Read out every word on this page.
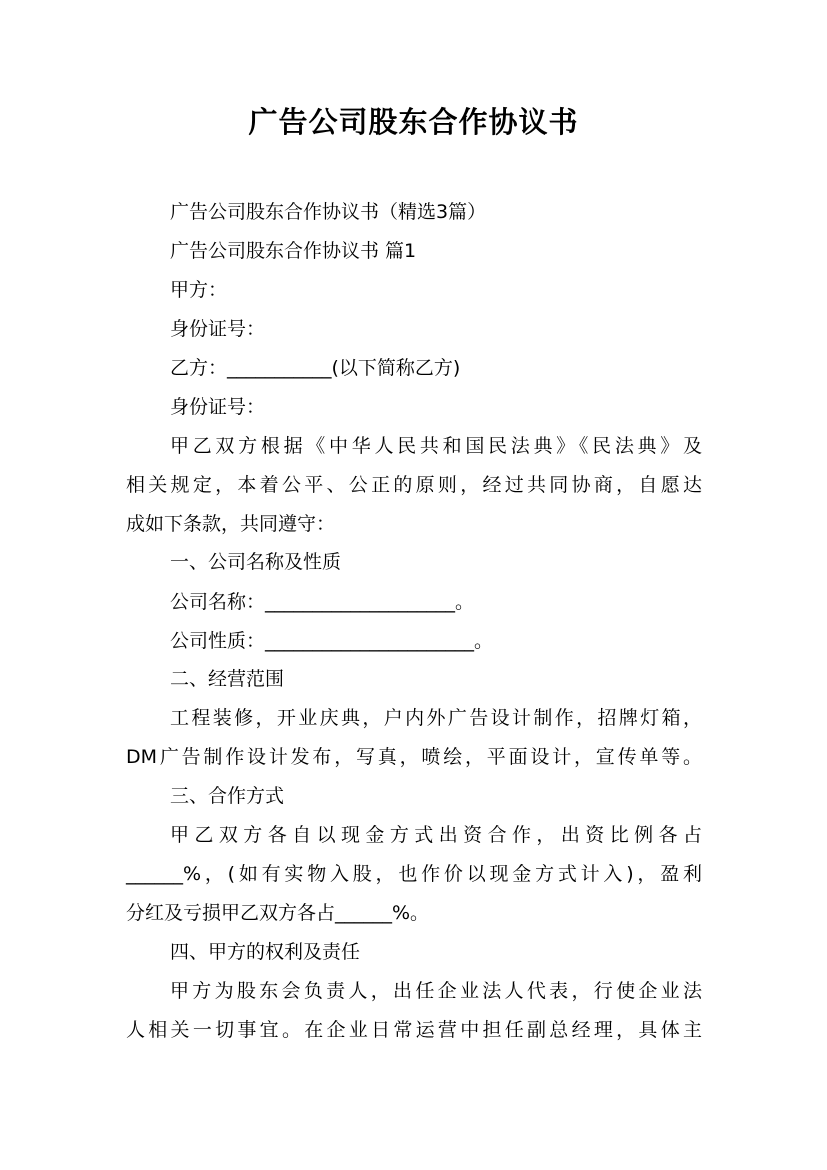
广告公司股东合作协议书
广告公司股东合作协议书（精选3篇）
广告公司股东合作协议书 篇1
甲方：
身份证号：
乙方：___________(以下简称乙方)
身份证号：
甲乙双方根据《中华人民共和国民法典》《民法典》及
相关规定，本着公平、公正的原则，经过共同协商，自愿达
成如下条款，共同遵守：
一、公司名称及性质
公司名称：____________________。
公司性质：______________________。
二、经营范围
工程装修，开业庆典，户内外广告设计制作，招牌灯箱，
DM广告制作设计发布，写真，喷绘，平面设计，宣传单等。
三、合作方式
甲乙双方各自以现金方式出资合作，出资比例各占
______%，(如有实物入股，也作价以现金方式计入)，盈利
分红及亏损甲乙双方各占______%。
四、甲方的权利及责任
甲方为股东会负责人，出任企业法人代表，行使企业法
人相关一切事宜。在企业日常运营中担任副总经理，具体主
